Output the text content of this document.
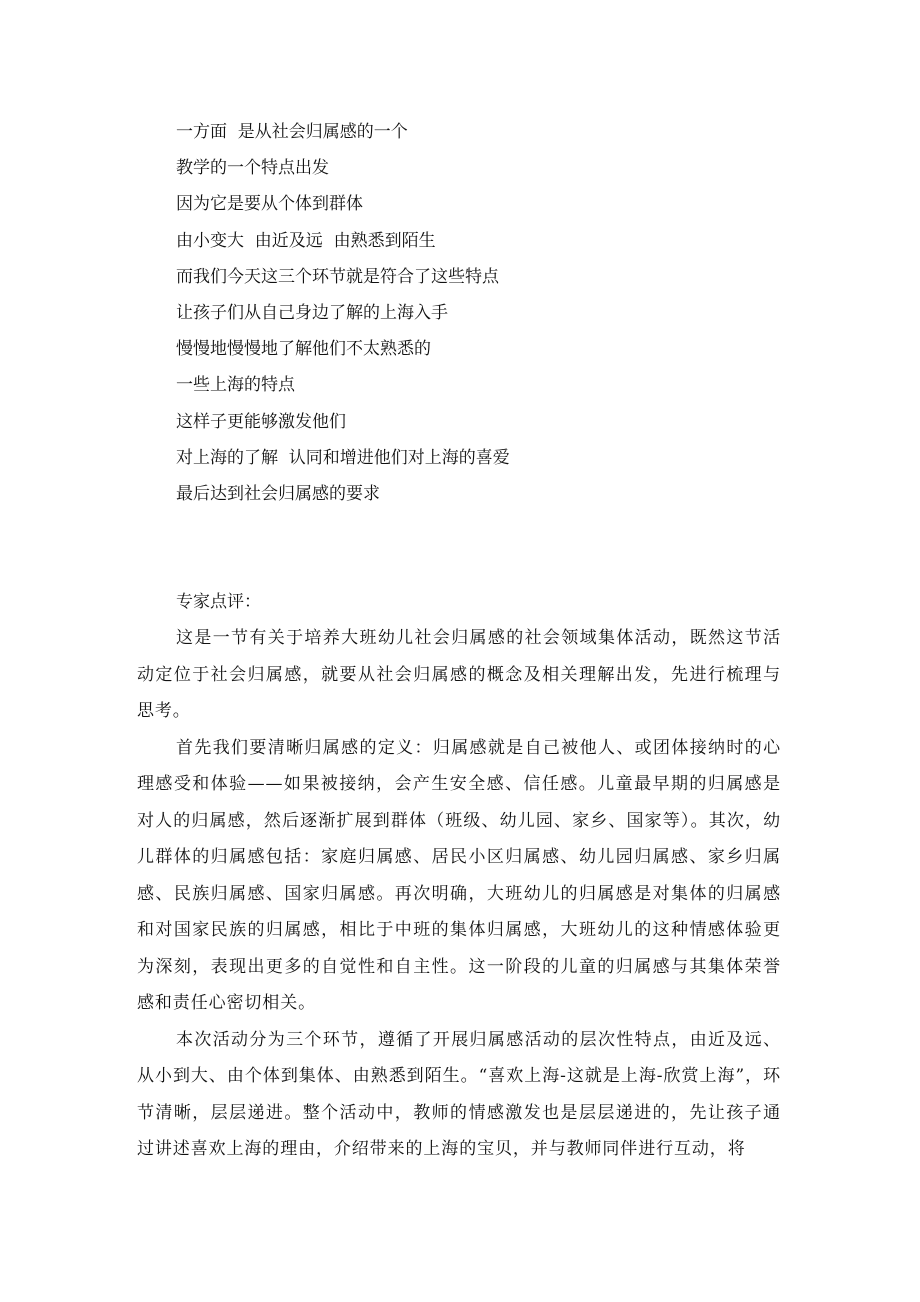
一方面  是从社会归属感的一个
教学的一个特点出发
因为它是要从个体到群体
由小变大  由近及远  由熟悉到陌生
而我们今天这三个环节就是符合了这些特点
让孩子们从自己身边了解的上海入手
慢慢地慢慢地了解他们不太熟悉的
一些上海的特点
这样子更能够激发他们
对上海的了解  认同和增进他们对上海的喜爱
最后达到社会归属感的要求
专家点评：

这是一节有关于培养大班幼儿社会归属感的社会领域集体活动，既然这节活动定位于社会归属感，就要从社会归属感的概念及相关理解出发，先进行梳理与思考。

首先我们要清晰归属感的定义：归属感就是自己被他人、或团体接纳时的心理感受和体验——如果被接纳，会产生安全感、信任感。儿童最早期的归属感是对人的归属感，然后逐渐扩展到群体（班级、幼儿园、家乡、国家等）。其次，幼儿群体的归属感包括：家庭归属感、居民小区归属感、幼儿园归属感、家乡归属感、民族归属感、国家归属感。再次明确，大班幼儿的归属感是对集体的归属感和对国家民族的归属感，相比于中班的集体归属感，大班幼儿的这种情感体验更为深刻，表现出更多的自觉性和自主性。这一阶段的儿童的归属感与其集体荣誉感和责任心密切相关。

本次活动分为三个环节，遵循了开展归属感活动的层次性特点，由近及远、从小到大、由个体到集体、由熟悉到陌生。“喜欢上海-这就是上海-欣赏上海”，环节清晰，层层递进。整个活动中，教师的情感激发也是层层递进的，先让孩子通过讲述喜欢上海的理由，介绍带来的上海的宝贝，并与教师同伴进行互动，将
